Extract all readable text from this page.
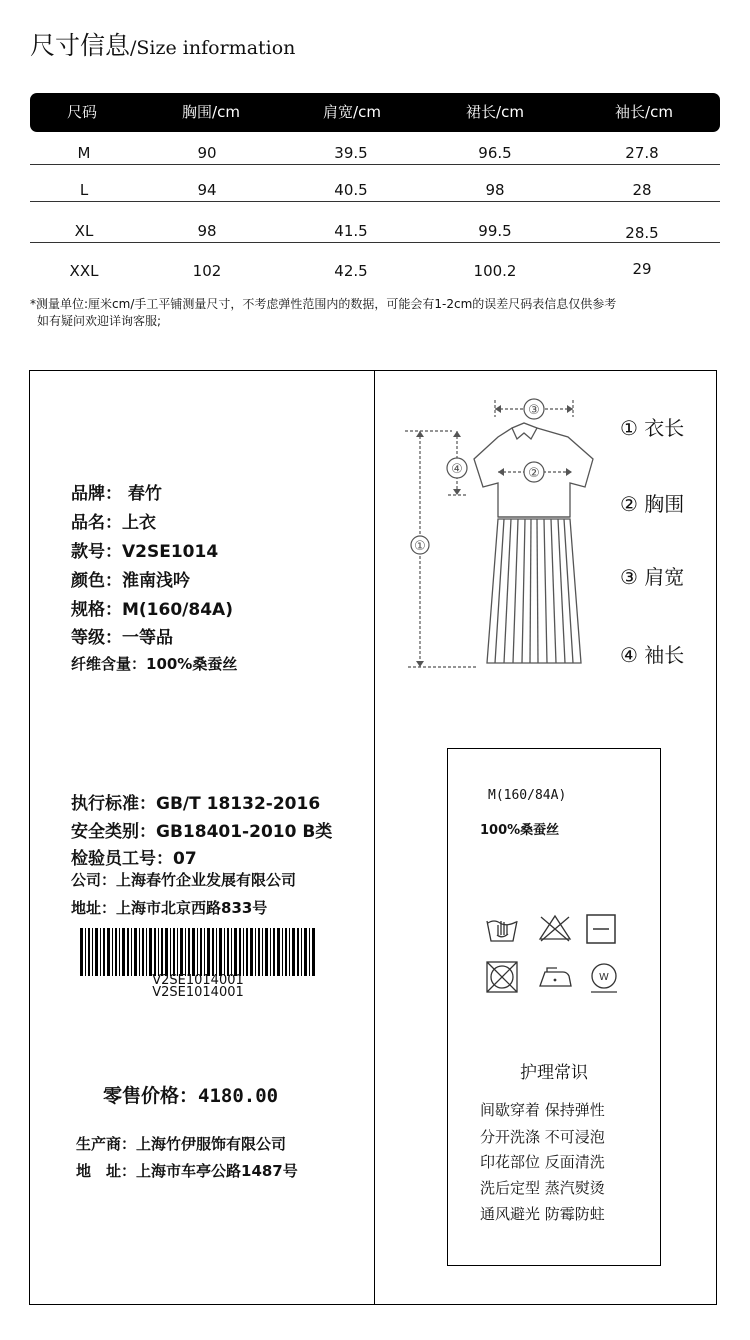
尺寸信息/Size information
尺码	胸围/cm	肩宽/cm	裙长/cm	袖长/cm
M	90	39.5	96.5	27.8
L	94	40.5	98	28
XL	98	41.5	99.5	28.5
XXL	102	42.5	100.2	29
*测量单位:厘米cm/手工平铺测量尺寸，不考虑弹性范围内的数据，可能会有1-2cm的误差尺码表信息仅供参考
如有疑问欢迎详询客服;
品牌： 春竹
品名：上衣
款号：V2SE1014
颜色：淮南浅吟
规格：M(160/84A)
等级：一等品
纤维含量：100%桑蚕丝
执行标准：GB/T 18132-2016
安全类别：GB18401-2010 B类
检验员工号：07
公司：上海春竹企业发展有限公司
地址：上海市北京西路833号
V2SE1014001
V2SE1014001
零售价格：4180.00
生产商：上海竹伊服饰有限公司
地　址：上海市车亭公路1487号
①
②
③
④
① 衣长
② 胸围
③ 肩宽
④ 袖长
M(160/84A)
100%桑蚕丝
W
护理常识
间歇穿着 保持弹性
分开洗涤 不可浸泡
印花部位 反面清洗
洗后定型 蒸汽熨烫
通风避光 防霉防蛀
